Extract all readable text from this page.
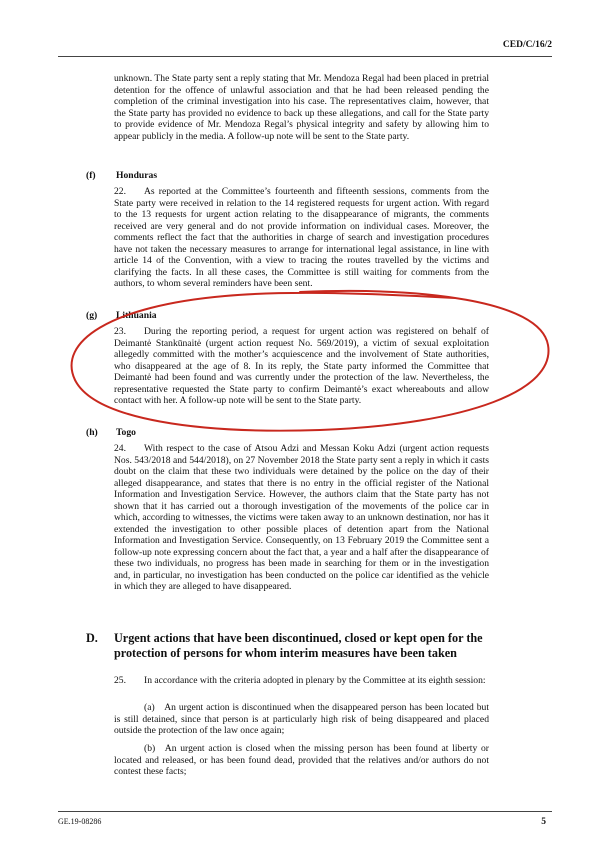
CED/C/16/2

unknown. The State party sent a reply stating that Mr. Mendoza Regal had been placed in pretrial detention for the offence of unlawful association and that he had been released pending the completion of the criminal investigation into his case. The representatives claim, however, that the State party has provided no evidence to back up these allegations, and call for the State party to provide evidence of Mr. Mendoza Regal’s physical integrity and safety by allowing him to appear publicly in the media. A follow-up note will be sent to the State party.

(f) Honduras

22. As reported at the Committee’s fourteenth and fifteenth sessions, comments from the State party were received in relation to the 14 registered requests for urgent action. With regard to the 13 requests for urgent action relating to the disappearance of migrants, the comments received are very general and do not provide information on individual cases. Moreover, the comments reflect the fact that the authorities in charge of search and investigation procedures have not taken the necessary measures to arrange for international legal assistance, in line with article 14 of the Convention, with a view to tracing the routes travelled by the victims and clarifying the facts. In all these cases, the Committee is still waiting for comments from the authors, to whom several reminders have been sent.

(g) Lithuania

23. During the reporting period, a request for urgent action was registered on behalf of Deimantė Stankūnaitė (urgent action request No. 569/2019), a victim of sexual exploitation allegedly committed with the mother’s acquiescence and the involvement of State authorities, who disappeared at the age of 8. In its reply, the State party informed the Committee that Deimantė had been found and was currently under the protection of the law. Nevertheless, the representative requested the State party to confirm Deimantė’s exact whereabouts and allow contact with her. A follow-up note will be sent to the State party.

(h) Togo

24. With respect to the case of Atsou Adzi and Messan Koku Adzi (urgent action requests Nos. 543/2018 and 544/2018), on 27 November 2018 the State party sent a reply in which it casts doubt on the claim that these two individuals were detained by the police on the day of their alleged disappearance, and states that there is no entry in the official register of the National Information and Investigation Service. However, the authors claim that the State party has not shown that it has carried out a thorough investigation of the movements of the police car in which, according to witnesses, the victims were taken away to an unknown destination, nor has it extended the investigation to other possible places of detention apart from the National Information and Investigation Service. Consequently, on 13 February 2019 the Committee sent a follow-up note expressing concern about the fact that, a year and a half after the disappearance of these two individuals, no progress has been made in searching for them or in the investigation and, in particular, no investigation has been conducted on the police car identified as the vehicle in which they are alleged to have disappeared.

D. Urgent actions that have been discontinued, closed or kept open for the protection of persons for whom interim measures have been taken

25. In accordance with the criteria adopted in plenary by the Committee at its eighth session:

(a) An urgent action is discontinued when the disappeared person has been located but is still detained, since that person is at particularly high risk of being disappeared and placed outside the protection of the law once again;

(b) An urgent action is closed when the missing person has been found at liberty or located and released, or has been found dead, provided that the relatives and/or authors do not contest these facts;

GE.19-08286	5
